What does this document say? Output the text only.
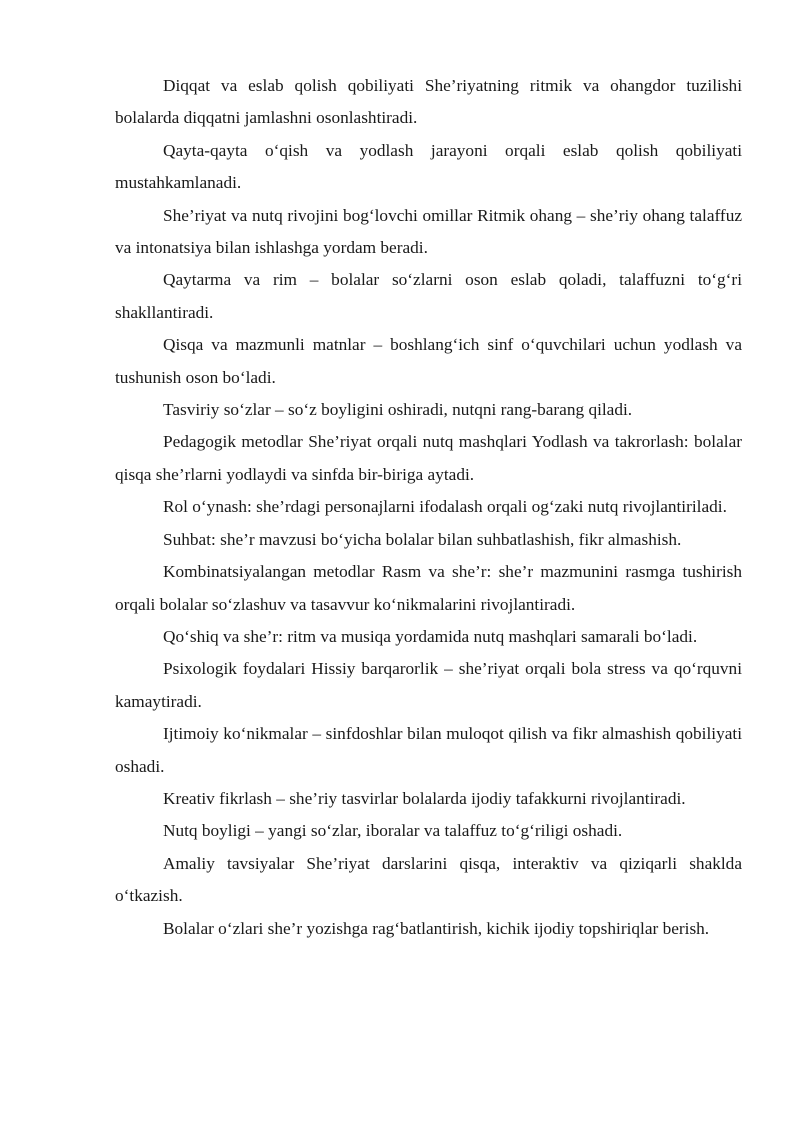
Diqqat va eslab qolish qobiliyati She’riyatning ritmik va ohangdor tuzilishi bolalarda diqqatni jamlashni osonlashtiradi.

Qayta-qayta o‘qish va yodlash jarayoni orqali eslab qolish qobiliyati mustahkamlanadi.

She’riyat va nutq rivojini bog‘lovchi omillar Ritmik ohang – she’riy ohang talaffuz va intonatsiya bilan ishlashga yordam beradi.

Qaytarma va rim – bolalar so‘zlarni oson eslab qoladi, talaffuzni to‘g‘ri shakllantiradi.

Qisqa va mazmunli matnlar – boshlang‘ich sinf o‘quvchilari uchun yodlash va tushunish oson bo‘ladi.

Tasviriy so‘zlar – so‘z boyligini oshiradi, nutqni rang-barang qiladi.

Pedagogik metodlar She’riyat orqali nutq mashqlari Yodlash va takrorlash: bolalar qisqa she’rlarni yodlaydi va sinfda bir-biriga aytadi.

Rol o‘ynash: she’rdagi personajlarni ifodalash orqali og‘zaki nutq rivojlantiriladi.

Suhbat: she’r mavzusi bo‘yicha bolalar bilan suhbatlashish, fikr almashish.

Kombinatsiyalangan metodlar Rasm va she’r: she’r mazmunini rasmga tushirish orqali bolalar so‘zlashuv va tasavvur ko‘nikmalarini rivojlantiradi.

Qo‘shiq va she’r: ritm va musiqa yordamida nutq mashqlari samarali bo‘ladi.

Psixologik foydalari Hissiy barqarorlik – she’riyat orqali bola stress va qo‘rquvni kamaytiradi.

Ijtimoiy ko‘nikmalar – sinfdoshlar bilan muloqot qilish va fikr almashish qobiliyati oshadi.

Kreativ fikrlash – she’riy tasvirlar bolalarda ijodiy tafakkurni rivojlantiradi.

Nutq boyligi – yangi so‘zlar, iboralar va talaffuz to‘g‘riligi oshadi.

Amaliy tavsiyalar She’riyat darslarini qisqa, interaktiv va qiziqarli shaklda o‘tkazish.

Bolalar o‘zlari she’r yozishga rag‘batlantirish, kichik ijodiy topshiriqlar berish.
